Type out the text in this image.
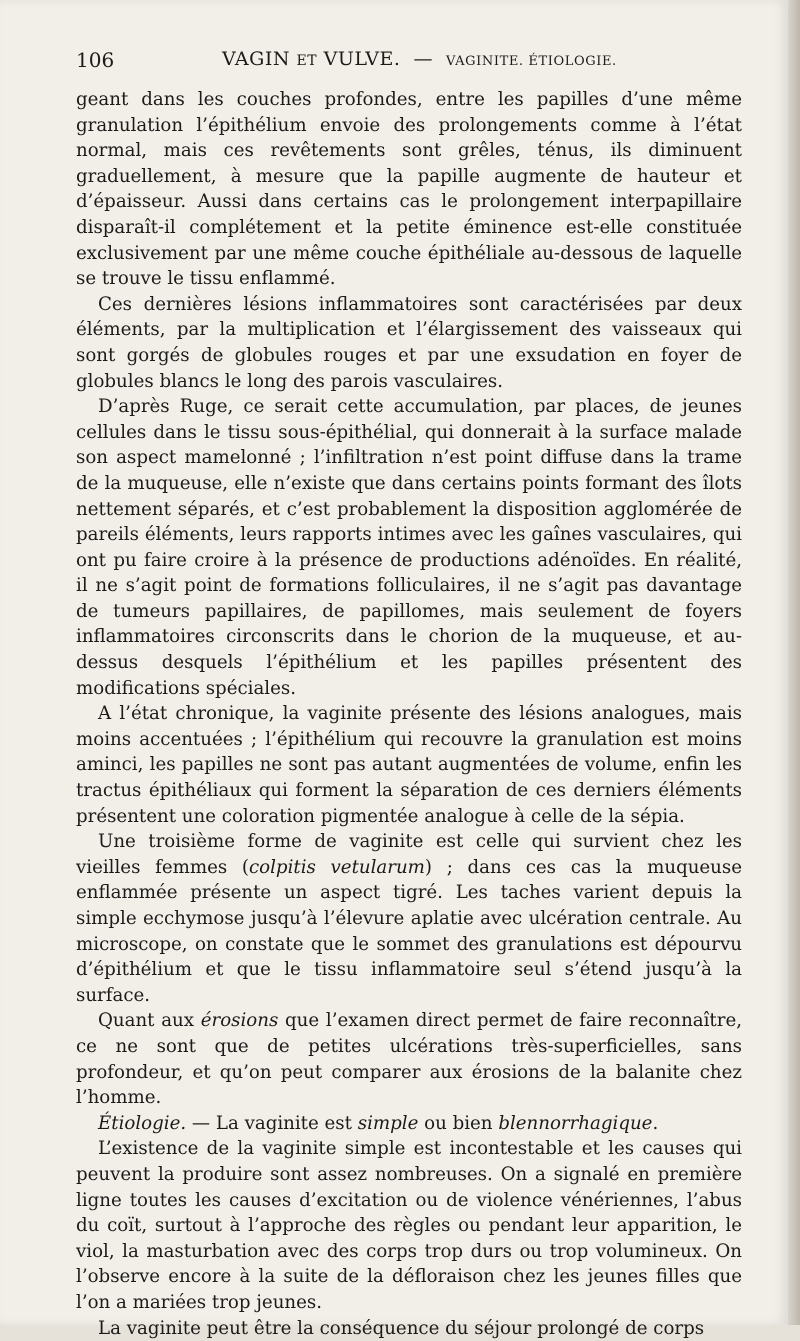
106	VAGIN ET VULVE. — VAGINITE. ÉTIOLOGIE.

geant dans les couches profondes, entre les papilles d’une même granulation l’épithélium envoie des prolongements comme à l’état normal, mais ces revêtements sont grêles, ténus, ils diminuent graduellement, à mesure que la papille augmente de hauteur et d’épaisseur. Aussi dans certains cas le prolongement interpapillaire disparaît-il complétement et la petite éminence est-elle constituée exclusivement par une même couche épithéliale au-dessous de laquelle se trouve le tissu enflammé.

Ces dernières lésions inflammatoires sont caractérisées par deux éléments, par la multiplication et l’élargissement des vaisseaux qui sont gorgés de globules rouges et par une exsudation en foyer de globules blancs le long des parois vasculaires.

D’après Ruge, ce serait cette accumulation, par places, de jeunes cellules dans le tissu sous-épithélial, qui donnerait à la surface malade son aspect mamelonné ; l’infiltration n’est point diffuse dans la trame de la muqueuse, elle n’existe que dans certains points formant des îlots nettement séparés, et c’est probablement la disposition agglomérée de pareils éléments, leurs rapports intimes avec les gaînes vasculaires, qui ont pu faire croire à la présence de productions adénoïdes. En réalité, il ne s’agit point de formations folliculaires, il ne s’agit pas davantage de tumeurs papillaires, de papillomes, mais seulement de foyers inflammatoires circonscrits dans le chorion de la muqueuse, et au-dessus desquels l’épithélium et les papilles présentent des modifications spéciales.

A l’état chronique, la vaginite présente des lésions analogues, mais moins accentuées ; l’épithélium qui recouvre la granulation est moins aminci, les papilles ne sont pas autant augmentées de volume, enfin les tractus épithéliaux qui forment la séparation de ces derniers éléments présentent une coloration pigmentée analogue à celle de la sépia.

Une troisième forme de vaginite est celle qui survient chez les vieilles femmes (colpitis vetularum) ; dans ces cas la muqueuse enflammée présente un aspect tigré. Les taches varient depuis la simple ecchymose jusqu’à l’élevure aplatie avec ulcération centrale. Au microscope, on constate que le sommet des granulations est dépourvu d’épithélium et que le tissu inflammatoire seul s’étend jusqu’à la surface.

Quant aux érosions que l’examen direct permet de faire reconnaître, ce ne sont que de petites ulcérations très-superficielles, sans profondeur, et qu’on peut comparer aux érosions de la balanite chez l’homme.

Étiologie. — La vaginite est simple ou bien blennorrhagique.

L’existence de la vaginite simple est incontestable et les causes qui peuvent la produire sont assez nombreuses. On a signalé en première ligne toutes les causes d’excitation ou de violence vénériennes, l’abus du coït, surtout à l’approche des règles ou pendant leur apparition, le viol, la masturbation avec des corps trop durs ou trop volumineux. On l’observe encore à la suite de la défloraison chez les jeunes filles que l’on a mariées trop jeunes.

La vaginite peut être la conséquence du séjour prolongé de corps
